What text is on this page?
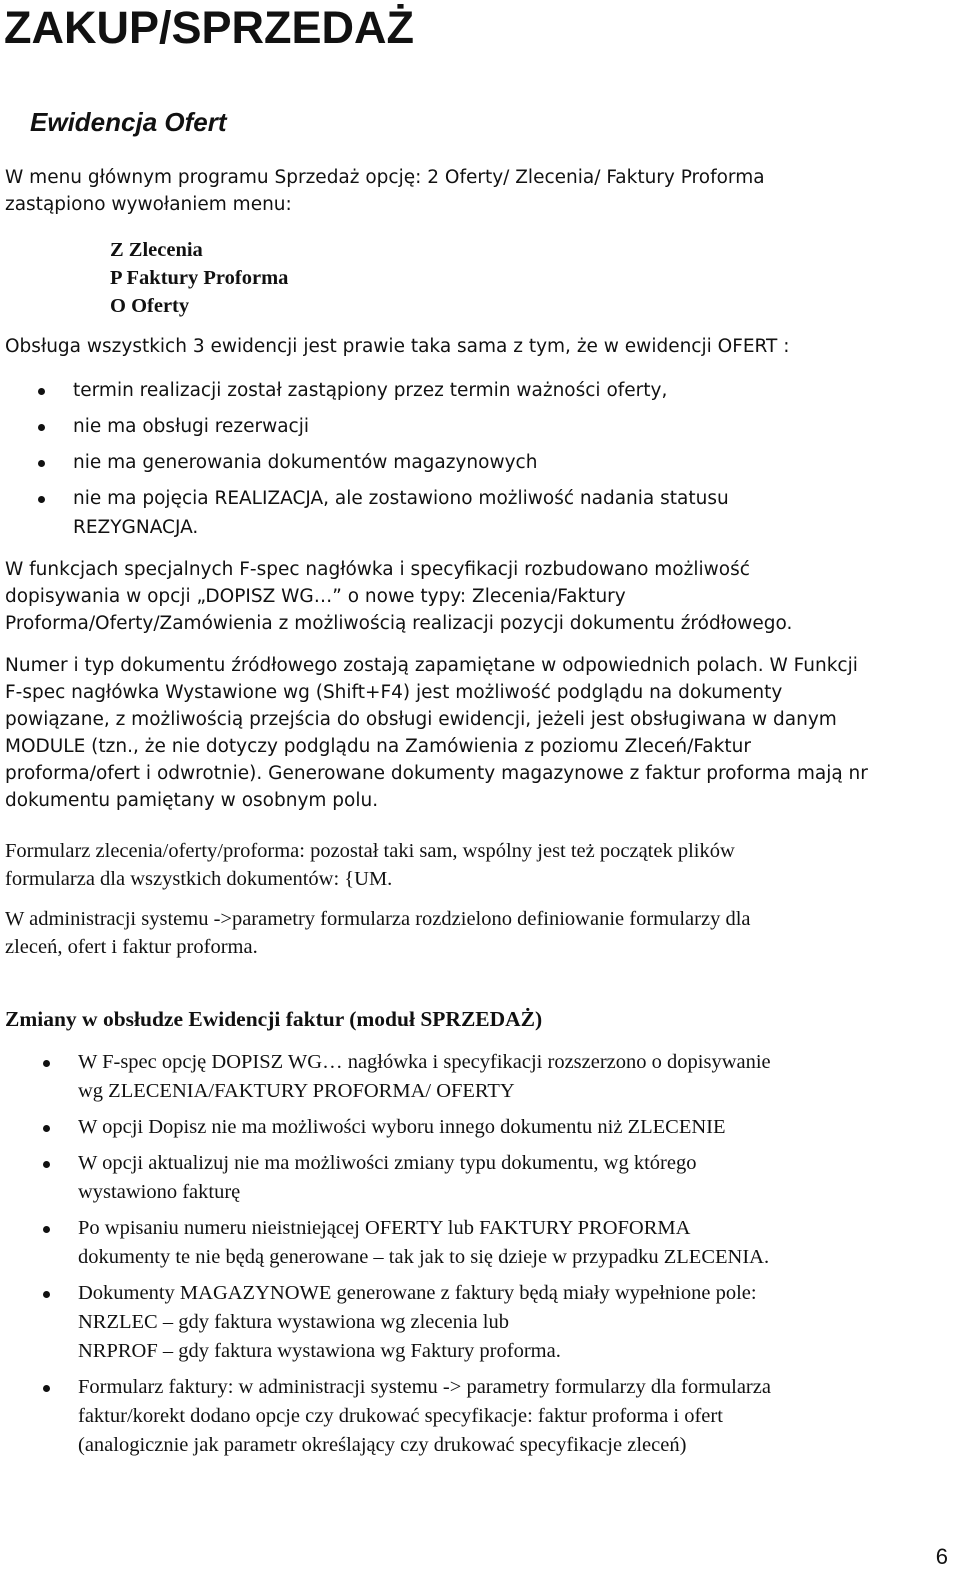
ZAKUP/SPRZEDAŻ
Ewidencja Ofert

W menu głównym programu Sprzedaż opcję: 2 Oferty/ Zlecenia/ Faktury Proforma

zastąpiono wywołaniem menu:

Z Zlecenia
P Faktury Proforma
O Oferty

Obsługa wszystkich 3 ewidencji jest prawie taka sama z tym, że w ewidencji OFERT :

termin realizacji został zastąpiony przez termin ważności oferty,
nie ma obsługi rezerwacji
nie ma generowania dokumentów magazynowych
nie ma pojęcia REALIZACJA, ale zostawiono możliwość nadania statusu
REZYGNACJA.

W funkcjach specjalnych F-spec nagłówka i specyfikacji rozbudowano możliwość

dopisywania w opcji „DOPISZ WG…” o nowe typy: Zlecenia/Faktury

Proforma/Oferty/Zamówienia z możliwością realizacji pozycji dokumentu źródłowego.

Numer i typ dokumentu źródłowego zostają zapamiętane w odpowiednich polach. W Funkcji

F-spec nagłówka Wystawione wg (Shift+F4) jest możliwość podglądu na dokumenty

powiązane, z możliwością przejścia do obsługi ewidencji, jeżeli jest obsługiwana w danym

MODULE (tzn., że nie dotyczy podglądu na Zamówienia z poziomu Zleceń/Faktur

proforma/ofert i odwrotnie). Generowane dokumenty magazynowe z faktur proforma mają nr

dokumentu pamiętany w osobnym polu.

Formularz zlecenia/oferty/proforma: pozostał taki sam, wspólny jest też początek plików

formularza dla wszystkich dokumentów: {UM.

W administracji systemu ->parametry formularza rozdzielono definiowanie formularzy dla

zleceń, ofert i faktur proforma.

Zmiany w obsłudze Ewidencji faktur (moduł SPRZEDAŻ)
W F-spec opcję DOPISZ WG… nagłówka i specyfikacji rozszerzono o dopisywanie
wg ZLECENIA/FAKTURY PROFORMA/ OFERTY
W opcji Dopisz nie ma możliwości wyboru innego dokumentu niż ZLECENIE
W opcji aktualizuj nie ma możliwości zmiany typu dokumentu, wg którego
wystawiono fakturę
Po wpisaniu numeru nieistniejącej OFERTY lub FAKTURY PROFORMA
dokumenty te nie będą generowane – tak jak to się dzieje w przypadku ZLECENIA.
Dokumenty MAGAZYNOWE generowane z faktury będą miały wypełnione pole:
NRZLEC – gdy faktura wystawiona wg zlecenia lub
NRPROF – gdy faktura wystawiona wg Faktury proforma.
Formularz faktury: w administracji systemu -> parametry formularzy dla formularza
faktur/korekt dodano opcje czy drukować specyfikacje: faktur proforma i ofert
(analogicznie jak parametr określający czy drukować specyfikacje zleceń)
6
